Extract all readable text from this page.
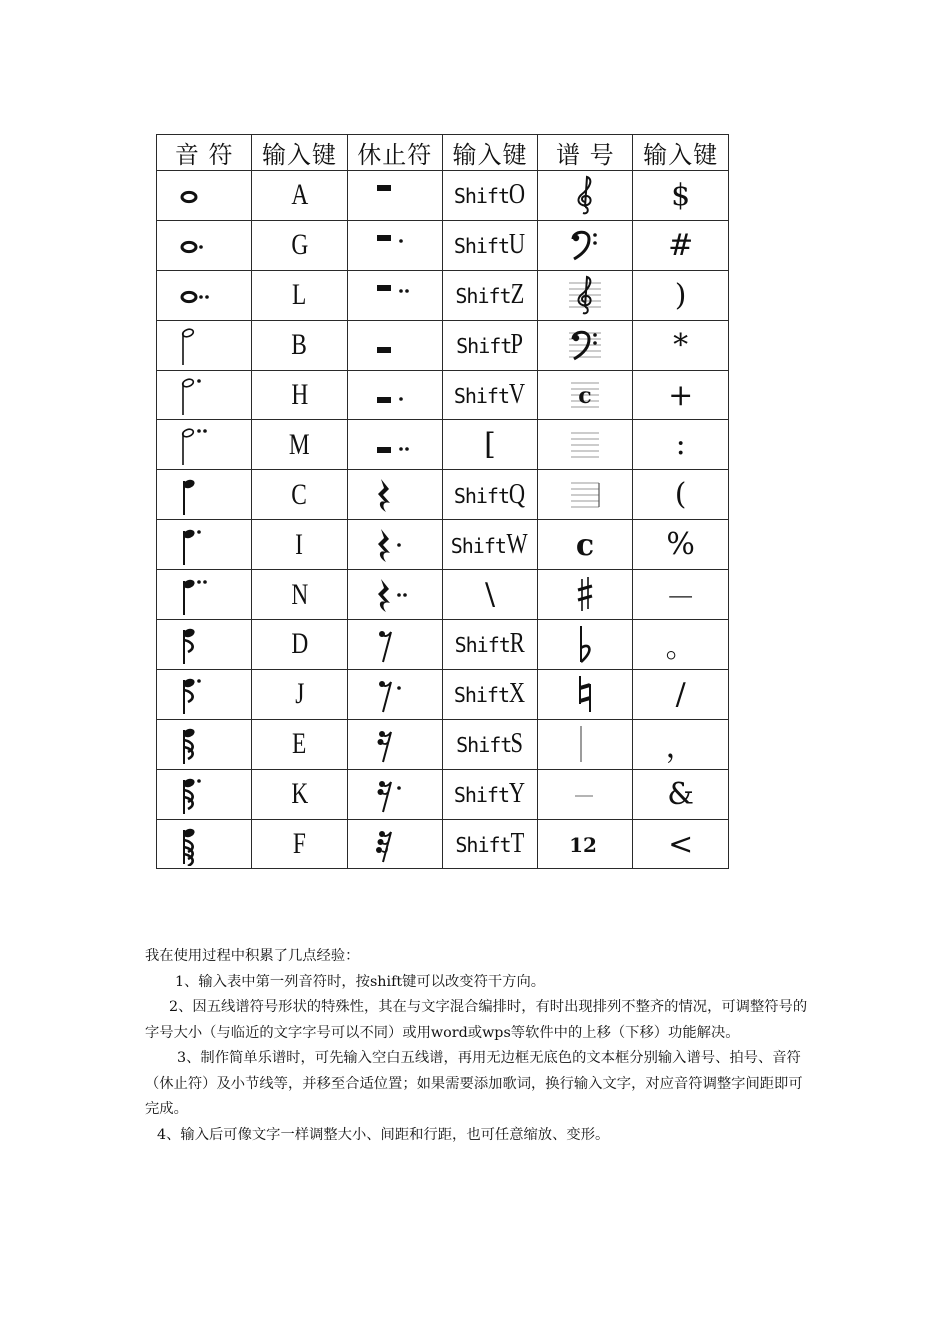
音 符	输入键	休止符	输入键	谱 号	输入键
	A		ShiftO		$
	G		ShiftU		#
	L		ShiftZ		)
	B		ShiftP		*
	H		ShiftV	c	+
	M		[		:
	C		ShiftQ		(
	I		ShiftW	c	%
	N		\		－
	D		ShiftR		。
	J		ShiftX		/
	E		ShiftS		，
	K		ShiftY		&
	F		ShiftT	12	<

我在使用过程中积累了几点经验：

1、输入表中第一列音符时，按shift键可以改变符干方向。

2、因五线谱符号形状的特殊性，其在与文字混合编排时，有时出现排列不整齐的情况，可调整符号的字号大小（与临近的文字字号可以不同）或用word或wps等软件中的上移（下移）功能解决。

3、制作简单乐谱时，可先输入空白五线谱，再用无边框无底色的文本框分别输入谱号、拍号、音符（休止符）及小节线等，并移至合适位置；如果需要添加歌词，换行输入文字，对应音符调整字间距即可完成。

4、输入后可像文字一样调整大小、间距和行距，也可任意缩放、变形。
